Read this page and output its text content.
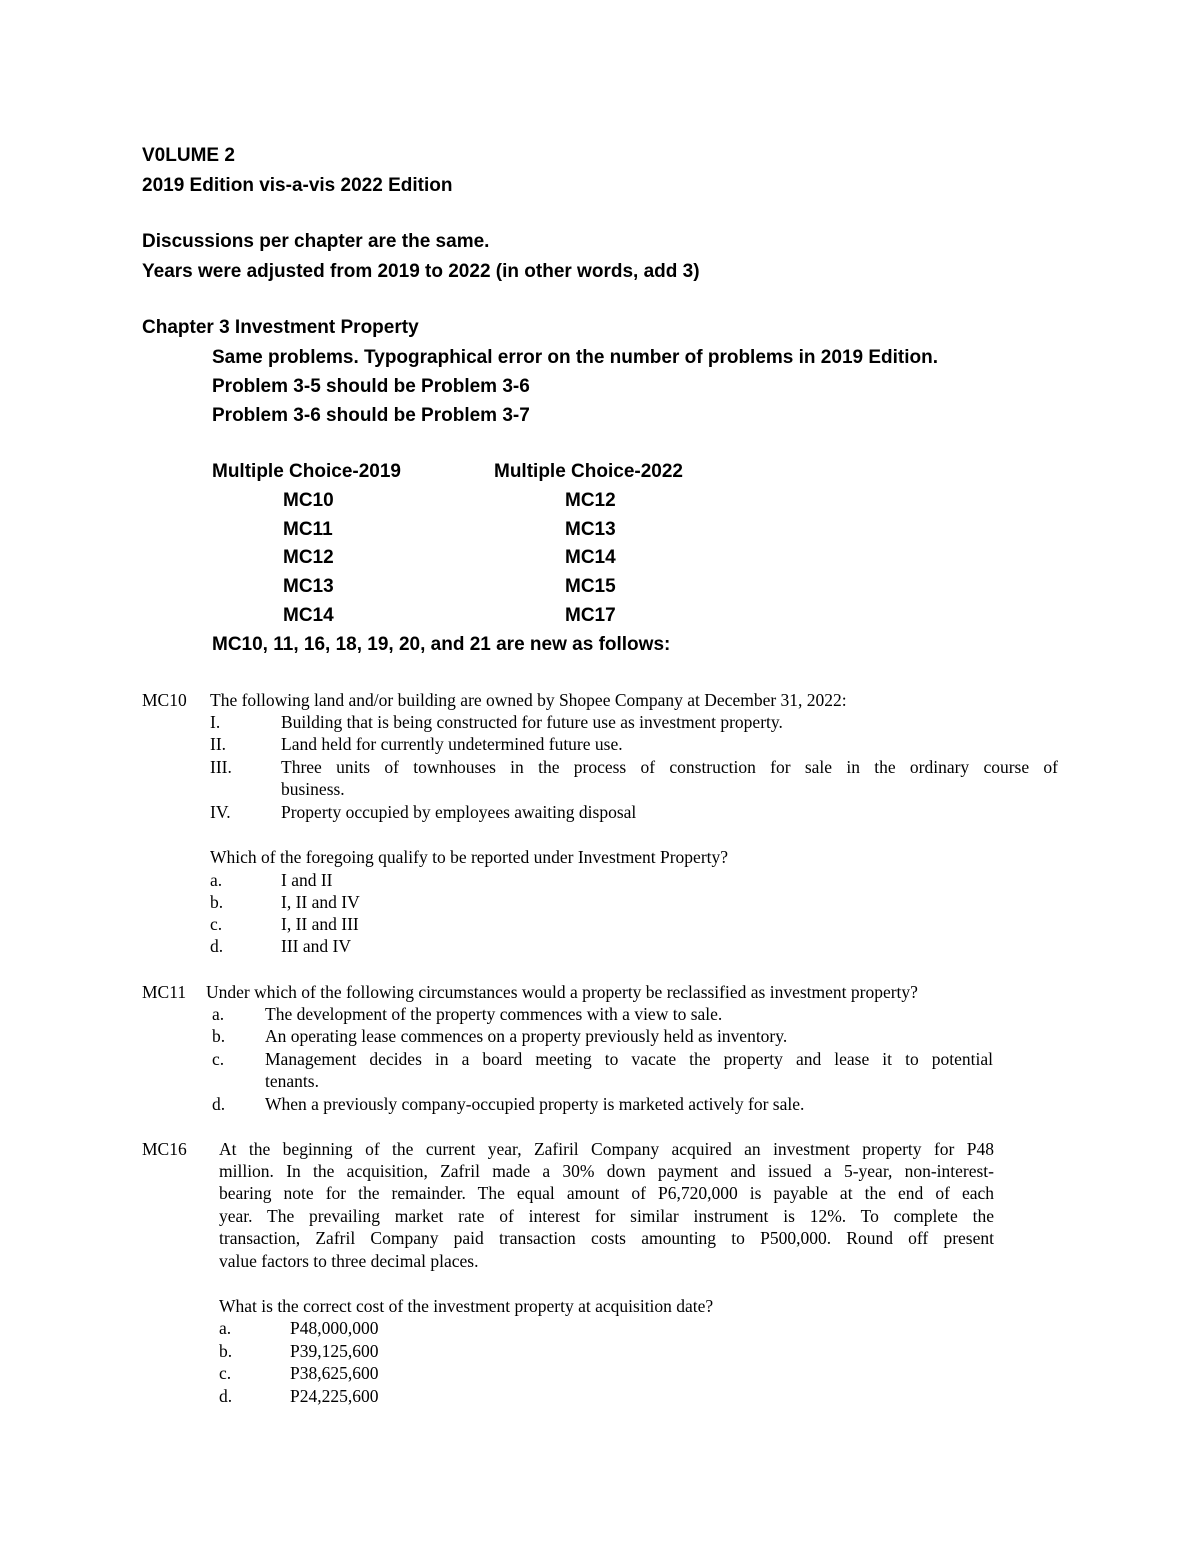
V0LUME 2
2019 Edition vis-a-vis 2022 Edition
Discussions per chapter are the same.
Years were adjusted from 2019 to 2022 (in other words, add 3)
Chapter 3 Investment Property
Same problems. Typographical error on the number of problems in 2019 Edition.
Problem 3-5 should be Problem 3-6
Problem 3-6 should be Problem 3-7
Multiple Choice-2019	Multiple Choice-2022
MC10	MC12
MC11	MC13
MC12	MC14
MC13	MC15
MC14	MC17
MC10, 11, 16, 18, 19, 20, and 21 are new as follows:
MC10 The following land and/or building are owned by Shopee Company at December 31, 2022:
I.	Building that is being constructed for future use as investment property.
II.	Land held for currently undetermined future use.
III.	Three units of townhouses in the process of construction for sale in the ordinary course of
business.
IV.	Property occupied by employees awaiting disposal
Which of the foregoing qualify to be reported under Investment Property?
a.	I and II
b.	I, II and IV
c.	I, II and III
d.	III and IV
MC11 Under which of the following circumstances would a property be reclassified as investment property?
a. The development of the property commences with a view to sale.
b. An operating lease commences on a property previously held as inventory.
c. Management decides in a board meeting to vacate the property and lease it to potential
tenants.
d. When a previously company-occupied property is marketed actively for sale.
MC16 At the beginning of the current year, Zafiril Company acquired an investment property for P48
million. In the acquisition, Zafril made a 30% down payment and issued a 5-year, non-interest-
bearing note for the remainder. The equal amount of P6,720,000 is payable at the end of each
year. The prevailing market rate of interest for similar instrument is 12%. To complete the
transaction, Zafril Company paid transaction costs amounting to P500,000. Round off present
value factors to three decimal places.
What is the correct cost of the investment property at acquisition date?
a.	P48,000,000
b.	P39,125,600
c.	P38,625,600
d.	P24,225,600
